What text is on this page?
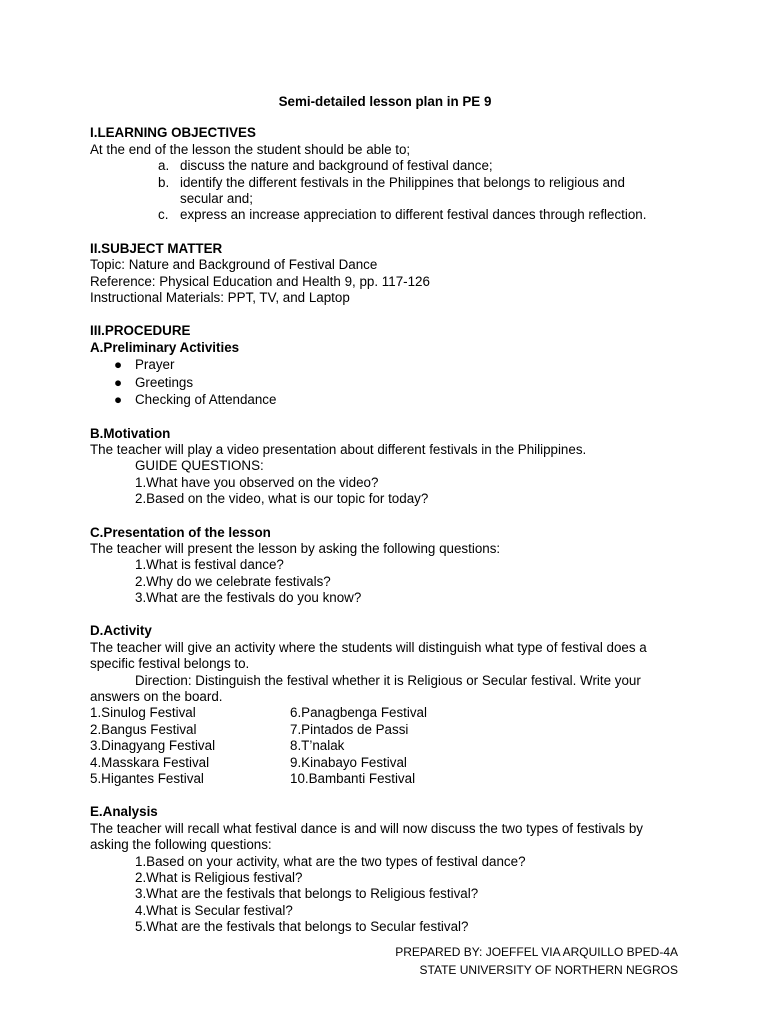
Semi-detailed lesson plan in PE 9
I.LEARNING OBJECTIVES
At the end of the lesson the student should be able to;
a. discuss the nature and background of festival dance;
b. identify the different festivals in the Philippines that belongs to religious and
secular and;
c. express an increase appreciation to different festival dances through reflection.
II.SUBJECT MATTER
Topic: Nature and Background of Festival Dance
Reference: Physical Education and Health 9, pp. 117-126
Instructional Materials: PPT, TV, and Laptop
III.PROCEDURE
A.Preliminary Activities
● Prayer
● Greetings
● Checking of Attendance
B.Motivation
The teacher will play a video presentation about different festivals in the Philippines.
GUIDE QUESTIONS:
1.What have you observed on the video?
2.Based on the video, what is our topic for today?
C.Presentation of the lesson
The teacher will present the lesson by asking the following questions:
1.What is festival dance?
2.Why do we celebrate festivals?
3.What are the festivals do you know?
D.Activity
The teacher will give an activity where the students will distinguish what type of festival does a
specific festival belongs to.
Direction: Distinguish the festival whether it is Religious or Secular festival. Write your
answers on the board.
1.Sinulog Festival	6.Panagbenga Festival
2.Bangus Festival	7.Pintados de Passi
3.Dinagyang Festival	8.T’nalak
4.Masskara Festival	9.Kinabayo Festival
5.Higantes Festival	10.Bambanti Festival
E.Analysis
The teacher will recall what festival dance is and will now discuss the two types of festivals by
asking the following questions:
1.Based on your activity, what are the two types of festival dance?
2.What is Religious festival?
3.What are the festivals that belongs to Religious festival?
4.What is Secular festival?
5.What are the festivals that belongs to Secular festival?
PREPARED BY: JOEFFEL VIA ARQUILLO BPED-4A
STATE UNIVERSITY OF NORTHERN NEGROS
